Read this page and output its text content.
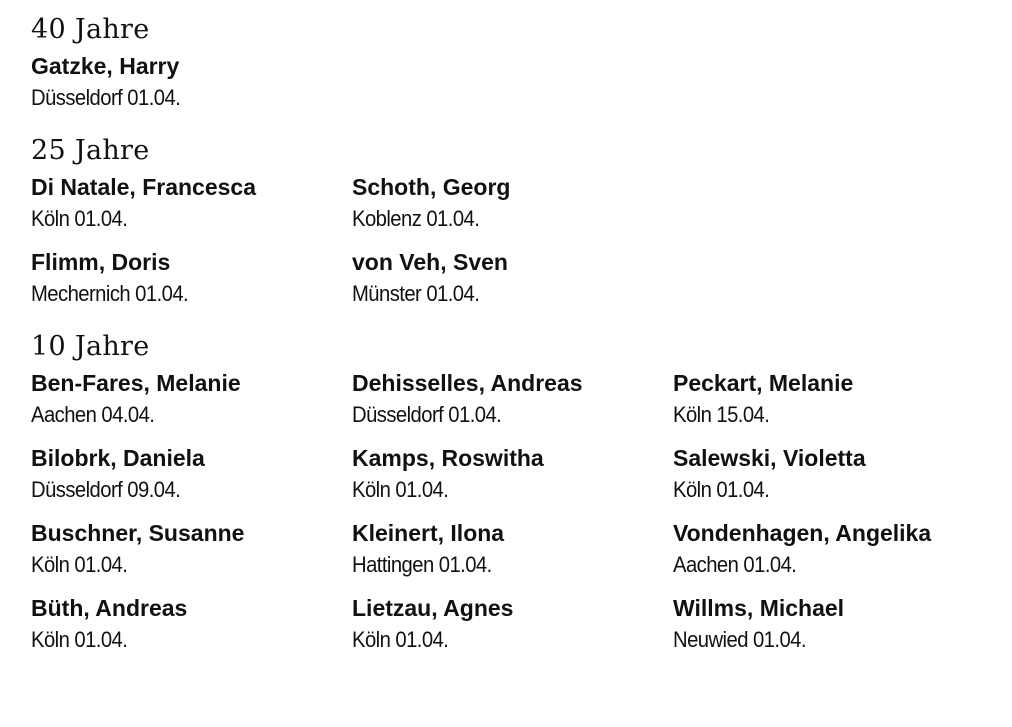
40 Jahre
Gatzke, Harry
Düsseldorf 01.04.
25 Jahre
Di Natale, Francesca
Köln 01.04.
Flimm, Doris
Mechernich 01.04.
Schoth, Georg
Koblenz 01.04.
von Veh, Sven
Münster 01.04.
10 Jahre
Ben-Fares, Melanie
Aachen 04.04.
Bilobrk, Daniela
Düsseldorf 09.04.
Buschner, Susanne
Köln 01.04.
Büth, Andreas
Köln 01.04.
Dehisselles, Andreas
Düsseldorf 01.04.
Kamps, Roswitha
Köln 01.04.
Kleinert, Ilona
Hattingen 01.04.
Lietzau, Agnes
Köln 01.04.
Peckart, Melanie
Köln 15.04.
Salewski, Violetta
Köln 01.04.
Vondenhagen, Angelika
Aachen 01.04.
Willms, Michael
Neuwied 01.04.
